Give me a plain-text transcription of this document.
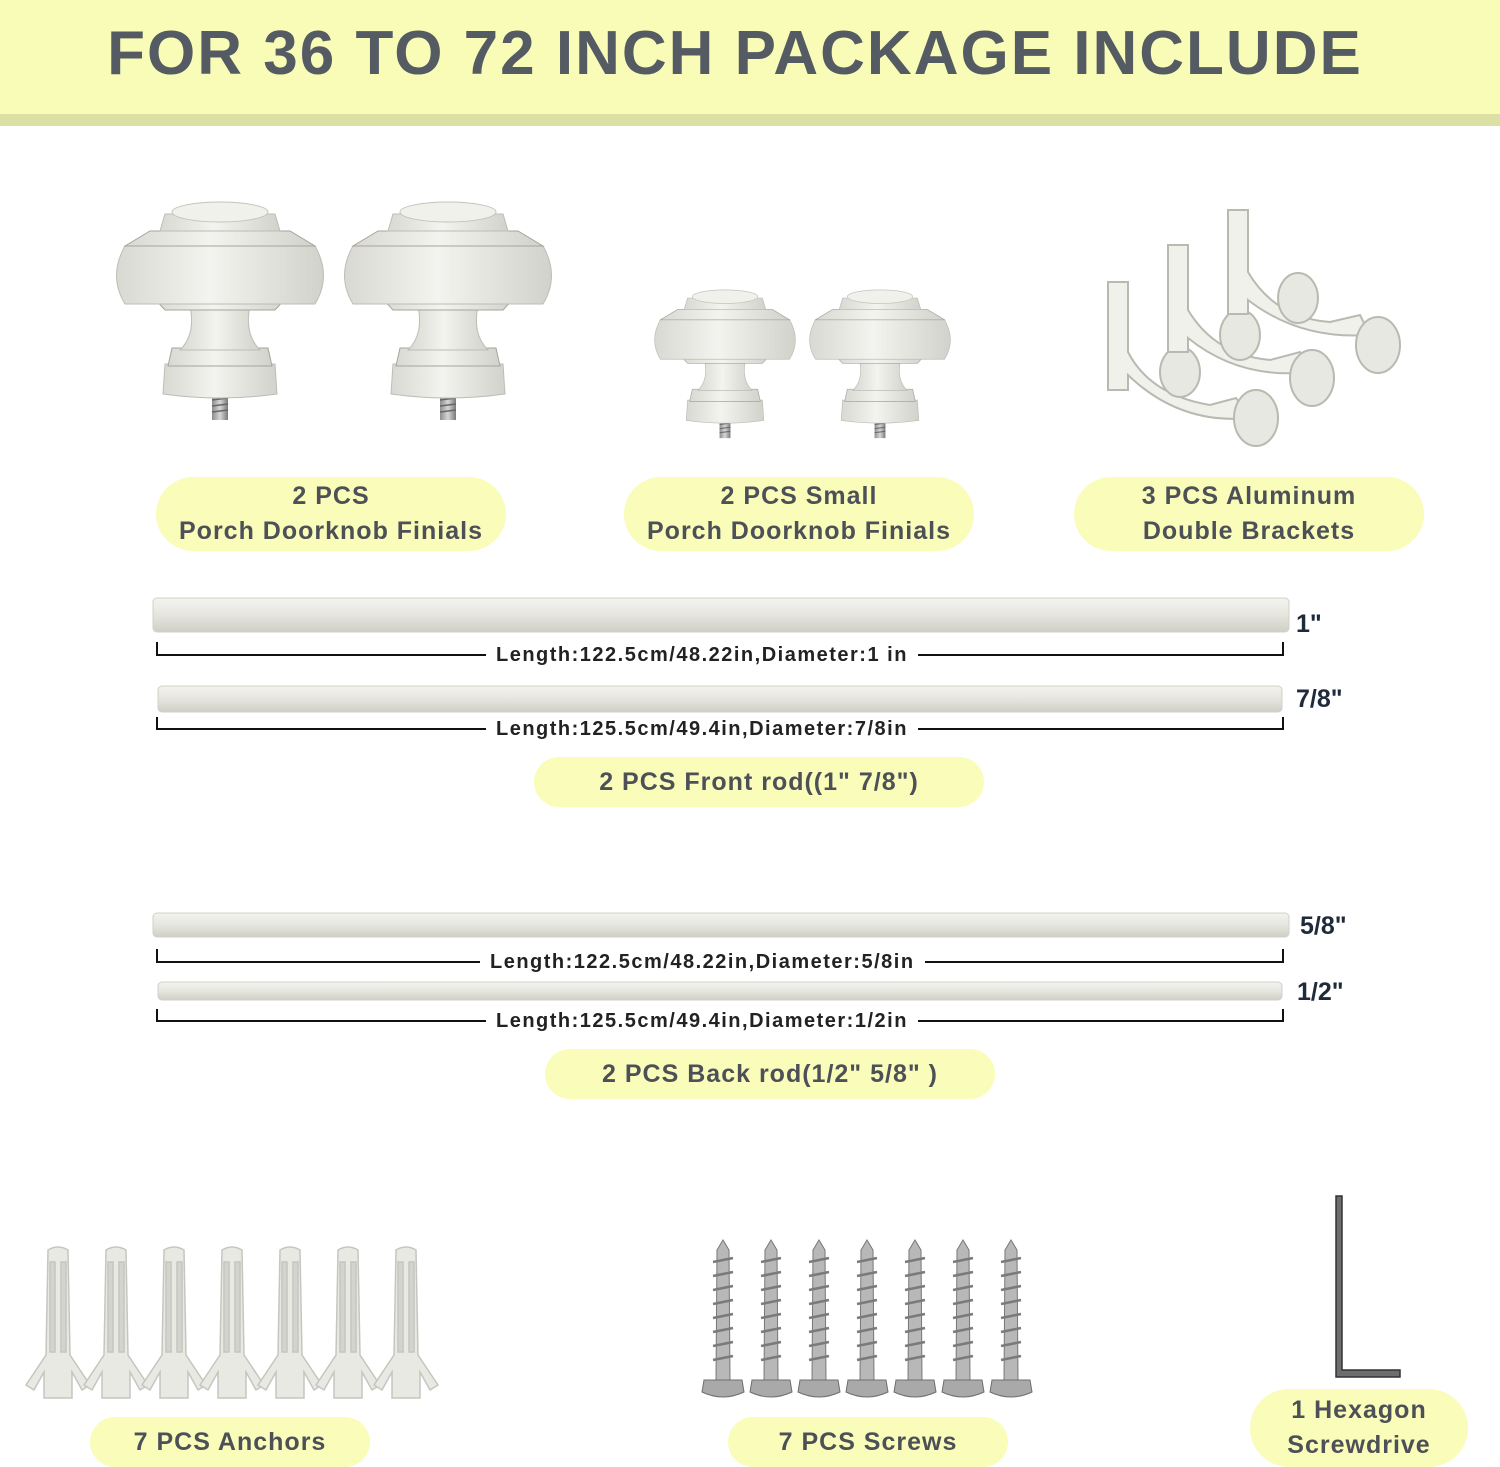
FOR 36 TO 72 INCH PACKAGE INCLUDE
2 PCS
Porch Doorknob Finials
2 PCS Small
Porch Doorknob Finials
3 PCS Aluminum
Double Brackets
Length:122.5cm/48.22in,Diameter:1 in
Length:125.5cm/49.4in,Diameter:7/8in
Length:122.5cm/48.22in,Diameter:5/8in
Length:125.5cm/49.4in,Diameter:1/2in
1"
7/8"
5/8"
1/2"
2 PCS Front rod((1" 7/8")
2 PCS Back rod(1/2" 5/8" )
7 PCS Anchors	7 PCS Screws
1 Hexagon
Screwdrive
